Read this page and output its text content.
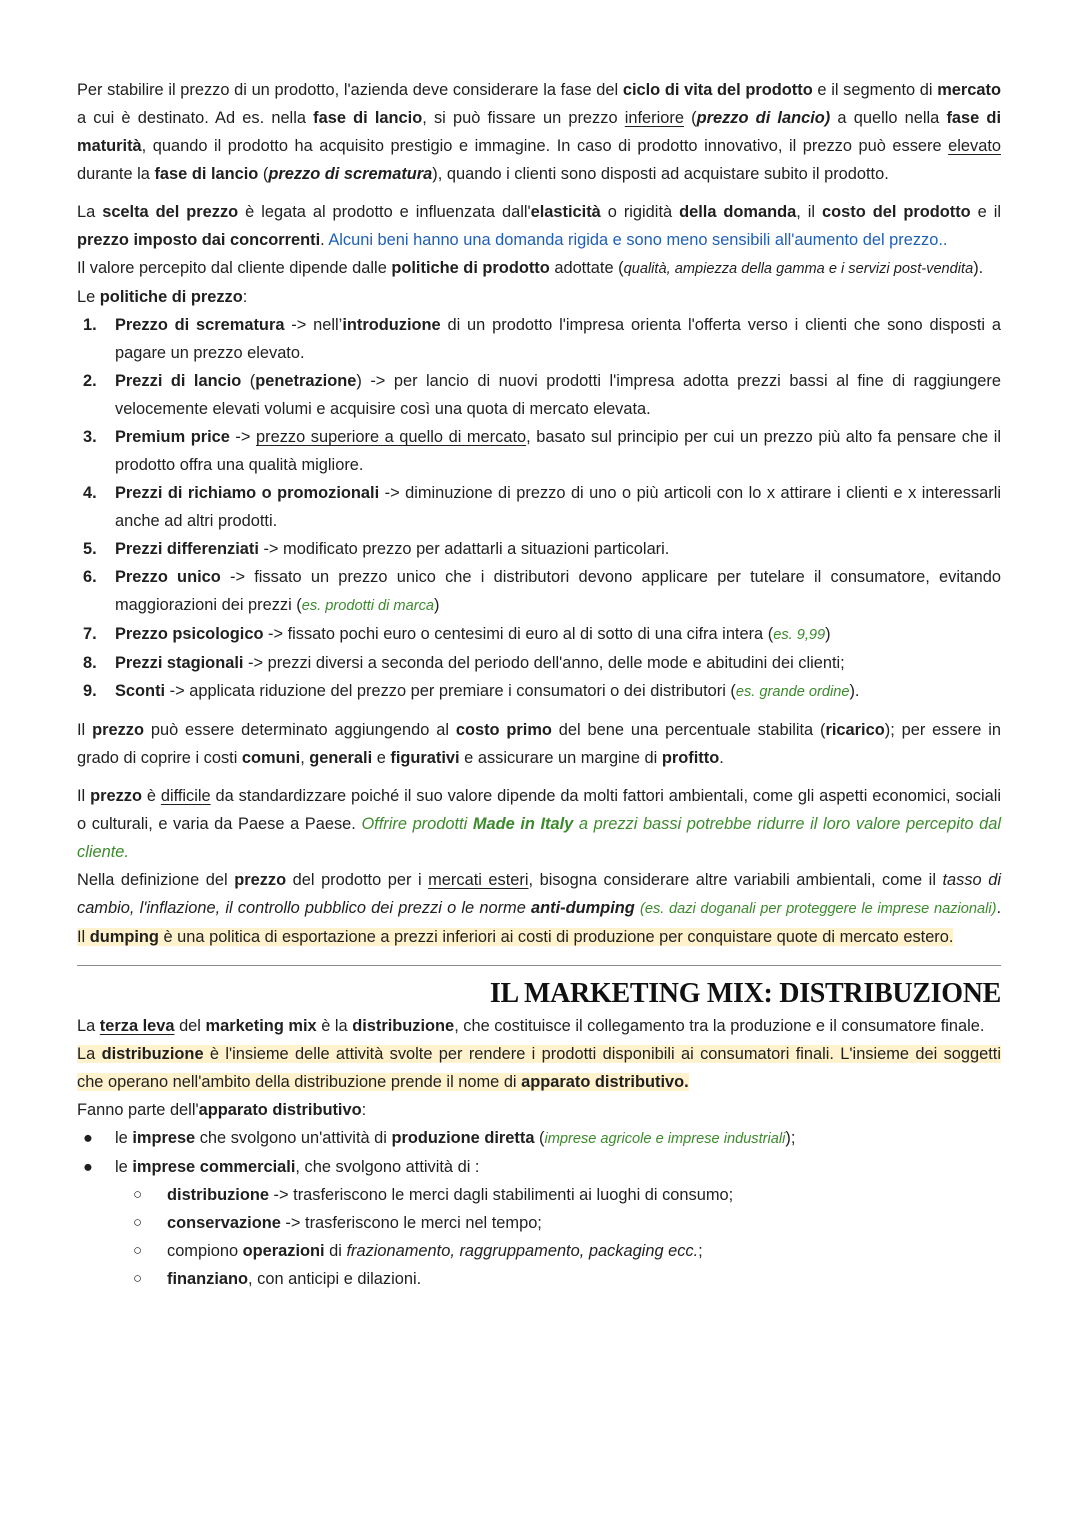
Per stabilire il prezzo di un prodotto, l'azienda deve considerare la fase del ciclo di vita del prodotto e il segmento di mercato a cui è destinato. Ad es. nella fase di lancio, si può fissare un prezzo inferiore (prezzo di lancio) a quello nella fase di maturità, quando il prodotto ha acquisito prestigio e immagine. In caso di prodotto innovativo, il prezzo può essere elevato durante la fase di lancio (prezzo di scrematura), quando i clienti sono disposti ad acquistare subito il prodotto.

La scelta del prezzo è legata al prodotto e influenzata dall'elasticità o rigidità della domanda, il costo del prodotto e il prezzo imposto dai concorrenti. Alcuni beni hanno una domanda rigida e sono meno sensibili all'aumento del prezzo..

Il valore percepito dal cliente dipende dalle politiche di prodotto adottate (qualità, ampiezza della gamma e i servizi post-vendita).

Le politiche di prezzo:

1. Prezzo di scrematura -> nell’introduzione di un prodotto l'impresa orienta l'offerta verso i clienti che sono disposti a pagare un prezzo elevato.
2. Prezzi di lancio (penetrazione) -> per lancio di nuovi prodotti l'impresa adotta prezzi bassi al fine di raggiungere velocemente elevati volumi e acquisire così una quota di mercato elevata.
3. Premium price -> prezzo superiore a quello di mercato, basato sul principio per cui un prezzo più alto fa pensare che il prodotto offra una qualità migliore.
4. Prezzi di richiamo o promozionali -> diminuzione di prezzo di uno o più articoli con lo x attirare i clienti e x interessarli anche ad altri prodotti.
5. Prezzi differenziati -> modificato prezzo per adattarli a situazioni particolari.
6. Prezzo unico -> fissato un prezzo unico che i distributori devono applicare per tutelare il consumatore, evitando maggiorazioni dei prezzi (es. prodotti di marca)
7. Prezzo psicologico -> fissato pochi euro o centesimi di euro al di sotto di una cifra intera (es. 9,99)
8. Prezzi stagionali -> prezzi diversi a seconda del periodo dell'anno, delle mode e abitudini dei clienti;
9. Sconti -> applicata riduzione del prezzo per premiare i consumatori o dei distributori (es. grande ordine).

Il prezzo può essere determinato aggiungendo al costo primo del bene una percentuale stabilita (ricarico); per essere in grado di coprire i costi comuni, generali e figurativi e assicurare un margine di profitto.

Il prezzo è difficile da standardizzare poiché il suo valore dipende da molti fattori ambientali, come gli aspetti economici, sociali o culturali, e varia da Paese a Paese. Offrire prodotti Made in Italy a prezzi bassi potrebbe ridurre il loro valore percepito dal cliente.

Nella definizione del prezzo del prodotto per i mercati esteri, bisogna considerare altre variabili ambientali, come il tasso di cambio, l'inflazione, il controllo pubblico dei prezzi o le norme anti-dumping (es. dazi doganali per proteggere le imprese nazionali). Il dumping è una politica di esportazione a prezzi inferiori ai costi di produzione per conquistare quote di mercato estero.

IL MARKETING MIX: DISTRIBUZIONE

La terza leva del marketing mix è la distribuzione, che costituisce il collegamento tra la produzione e il consumatore finale.

La distribuzione è l'insieme delle attività svolte per rendere i prodotti disponibili ai consumatori finali. L'insieme dei soggetti che operano nell'ambito della distribuzione prende il nome di apparato distributivo.

Fanno parte dell'apparato distributivo:

● le imprese che svolgono un'attività di produzione diretta (imprese agricole e imprese industriali);
● le imprese commerciali, che svolgono attività di :
○ distribuzione -> trasferiscono le merci dagli stabilimenti ai luoghi di consumo;
○ conservazione -> trasferiscono le merci nel tempo;
○ compiono operazioni di frazionamento, raggruppamento, packaging ecc.;
○ finanziano, con anticipi e dilazioni.
